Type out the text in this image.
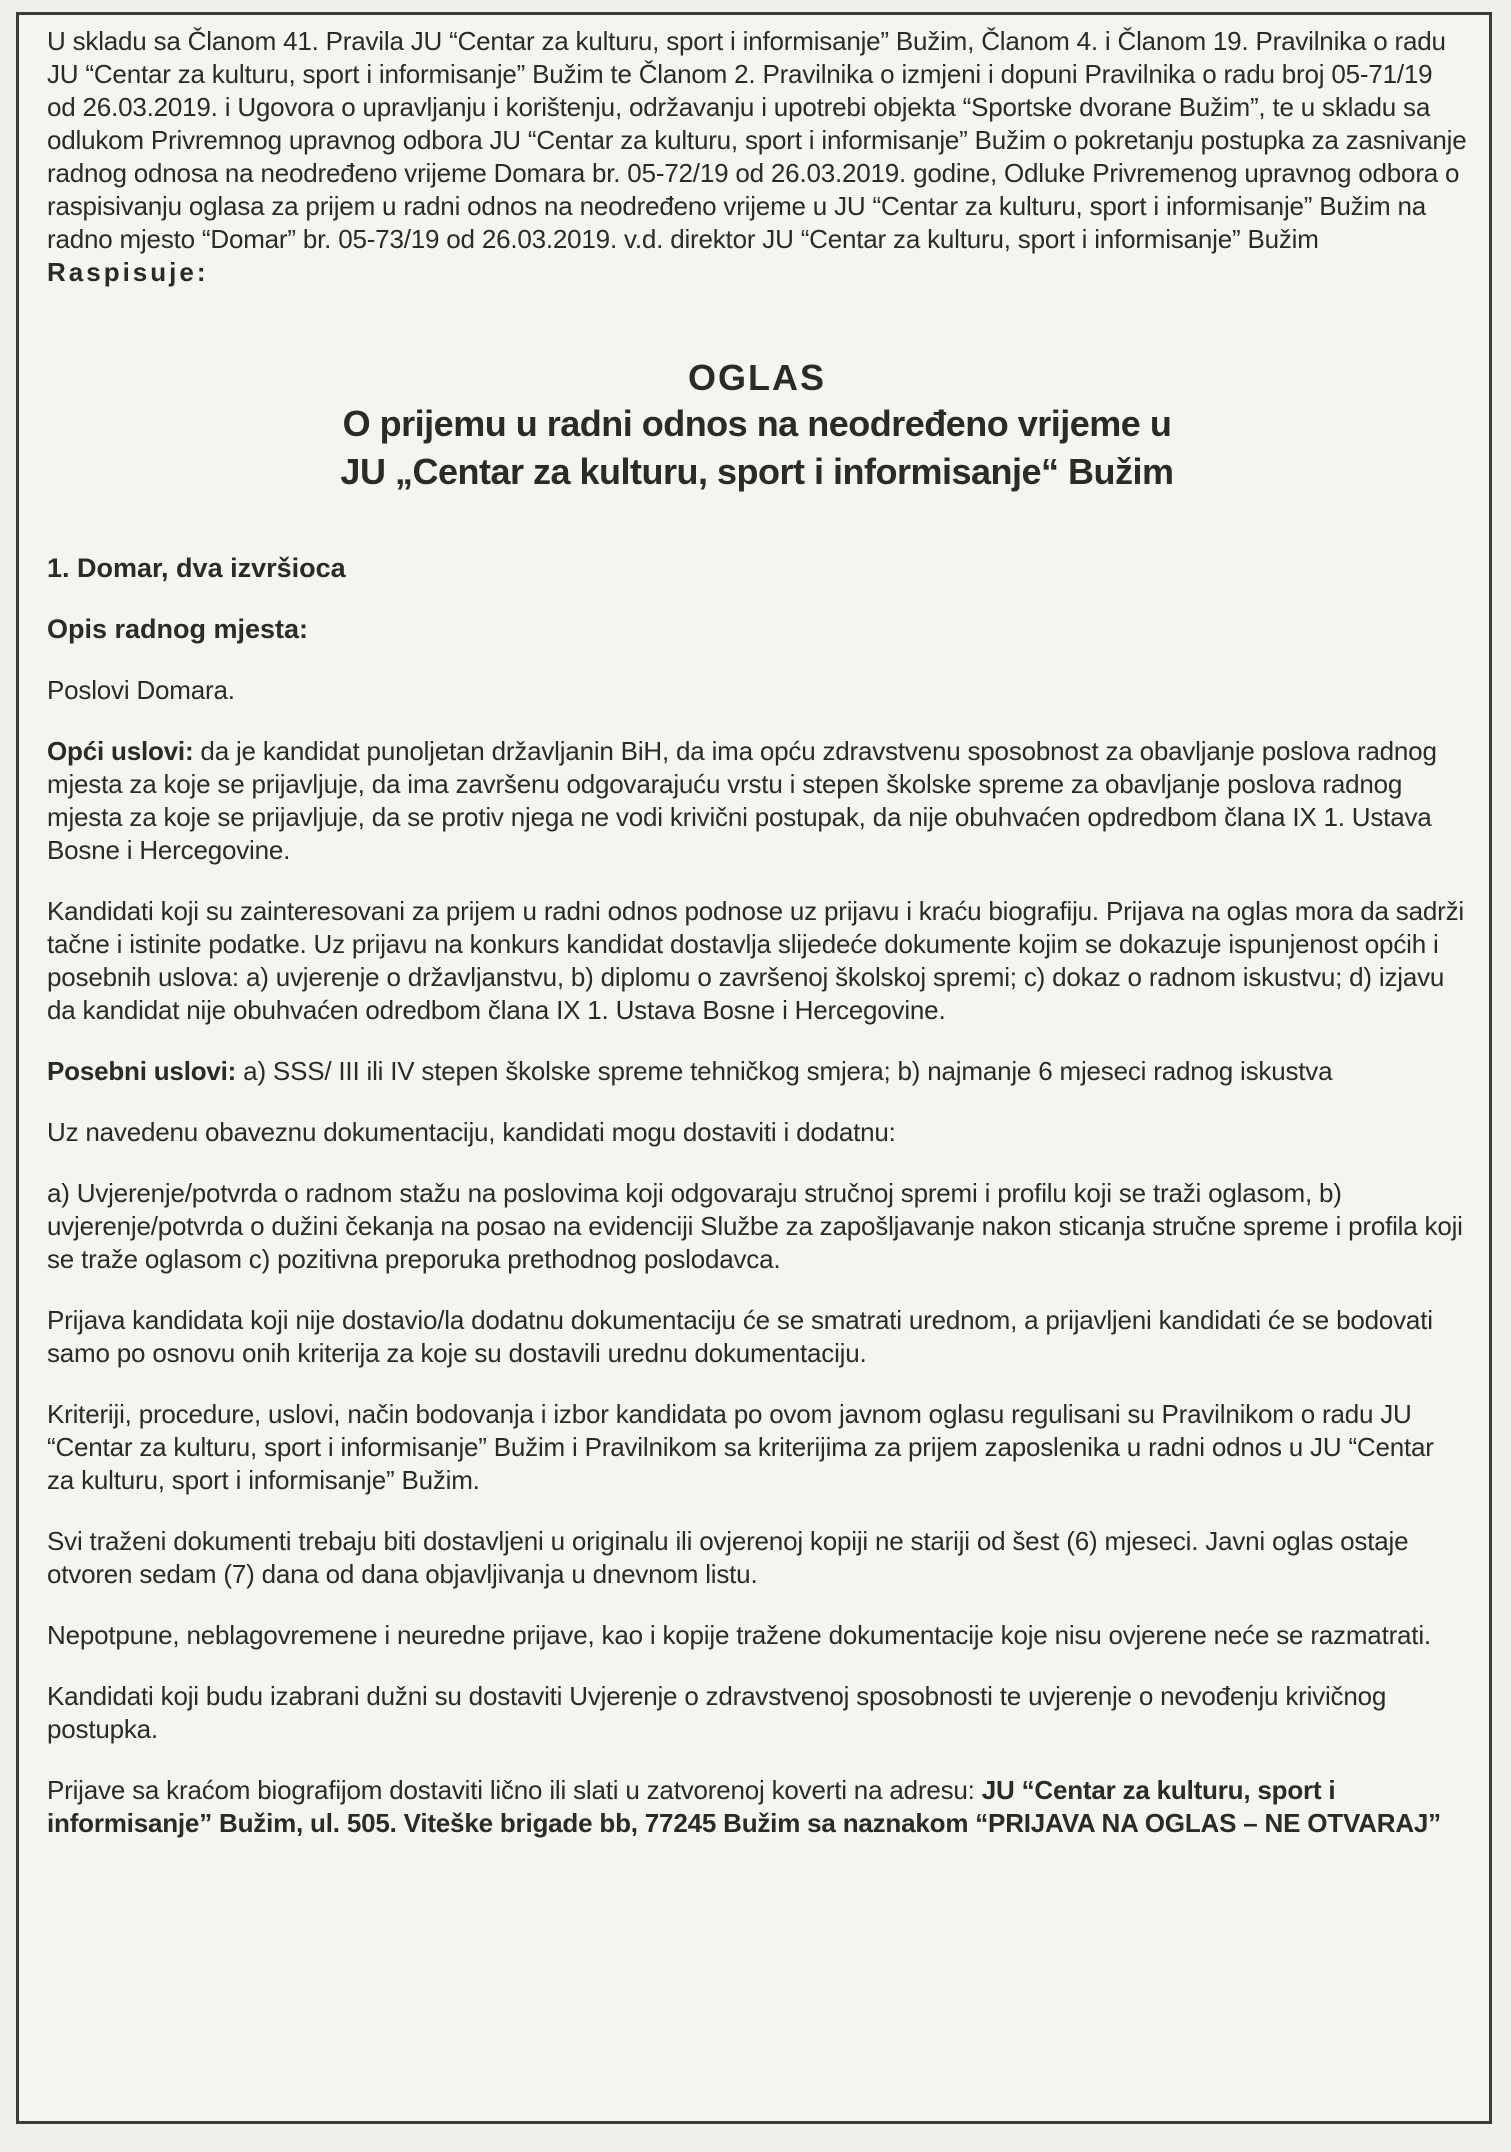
U skladu sa Članom 41. Pravila JU “Centar za kulturu, sport i informisanje” Bužim, Članom 4. i Članom 19. Pravilnika o radu JU “Centar za kulturu, sport i informisanje” Bužim te Članom 2. Pravilnika o izmjeni i dopuni Pravilnika o radu broj 05-71/19 od 26.03.2019. i Ugovora o upravljanju i korištenju, održavanju i upotrebi objekta “Sportske dvorane Bužim”, te u skladu sa odlukom Privremnog upravnog odbora JU “Centar za kulturu, sport i informisanje” Bužim o pokretanju postupka za zasnivanje radnog odnosa na neodređeno vrijeme Domara br. 05-72/19 od 26.03.2019. godine, Odluke Privremenog upravnog odbora o raspisivanju oglasa za prijem u radni odnos na neodređeno vrijeme u JU “Centar za kulturu, sport i informisanje” Bužim na radno mjesto “Domar” br. 05-73/19 od 26.03.2019. v.d. direktor JU “Centar za kulturu, sport i informisanje” Bužim

Raspisuje:

OGLAS

O prijemu u radni odnos na neodređeno vrijeme u

JU „Centar za kulturu, sport i informisanje“ Bužim

1. Domar, dva izvršioca

Opis radnog mjesta:

Poslovi Domara.

Opći uslovi: da je kandidat punoljetan državljanin BiH, da ima opću zdravstvenu sposobnost za obavljanje poslova radnog mjesta za koje se prijavljuje, da ima završenu odgovarajuću vrstu i stepen školske spreme za obavljanje poslova radnog mjesta za koje se prijavljuje, da se protiv njega ne vodi krivični postupak, da nije obuhvaćen opdredbom člana IX 1. Ustava Bosne i Hercegovine.

Kandidati koji su zainteresovani za prijem u radni odnos podnose uz prijavu i kraću biografiju. Prijava na oglas mora da sadrži tačne i istinite podatke. Uz prijavu na konkurs kandidat dostavlja slijedeće dokumente kojim se dokazuje ispunjenost općih i posebnih uslova: a) uvjerenje o državljanstvu, b) diplomu o završenoj školskoj spremi; c) dokaz o radnom iskustvu; d) izjavu da kandidat nije obuhvaćen odredbom člana IX 1. Ustava Bosne i Hercegovine.

Posebni uslovi: a) SSS/ III ili IV stepen školske spreme tehničkog smjera; b) najmanje 6 mjeseci radnog iskustva

Uz navedenu obaveznu dokumentaciju, kandidati mogu dostaviti i dodatnu:

a) Uvjerenje/potvrda o radnom stažu na poslovima koji odgovaraju stručnoj spremi i profilu koji se traži oglasom, b) uvjerenje/potvrda o dužini čekanja na posao na evidenciji Službe za zapošljavanje nakon sticanja stručne spreme i profila koji se traže oglasom c) pozitivna preporuka prethodnog poslodavca.

Prijava kandidata koji nije dostavio/la dodatnu dokumentaciju će se smatrati urednom, a prijavljeni kandidati će se bodovati samo po osnovu onih kriterija za koje su dostavili urednu dokumentaciju.

Kriteriji, procedure, uslovi, način bodovanja i izbor kandidata po ovom javnom oglasu regulisani su Pravilnikom o radu JU “Centar za kulturu, sport i informisanje” Bužim i Pravilnikom sa kriterijima za prijem zaposlenika u radni odnos u JU “Centar za kulturu, sport i informisanje” Bužim.

Svi traženi dokumenti trebaju biti dostavljeni u originalu ili ovjerenoj kopiji ne stariji od šest (6) mjeseci. Javni oglas ostaje otvoren sedam (7) dana od dana objavljivanja u dnevnom listu.

Nepotpune, neblagovremene i neuredne prijave, kao i kopije tražene dokumentacije koje nisu ovjerene neće se razmatrati.

Kandidati koji budu izabrani dužni su dostaviti Uvjerenje o zdravstvenoj sposobnosti te uvjerenje o nevođenju krivičnog postupka.

Prijave sa kraćom biografijom dostaviti lično ili slati u zatvorenoj koverti na adresu: JU “Centar za kulturu, sport i informisanje” Bužim, ul. 505. Viteške brigade bb, 77245 Bužim sa naznakom “PRIJAVA NA OGLAS – NE OTVARAJ”
